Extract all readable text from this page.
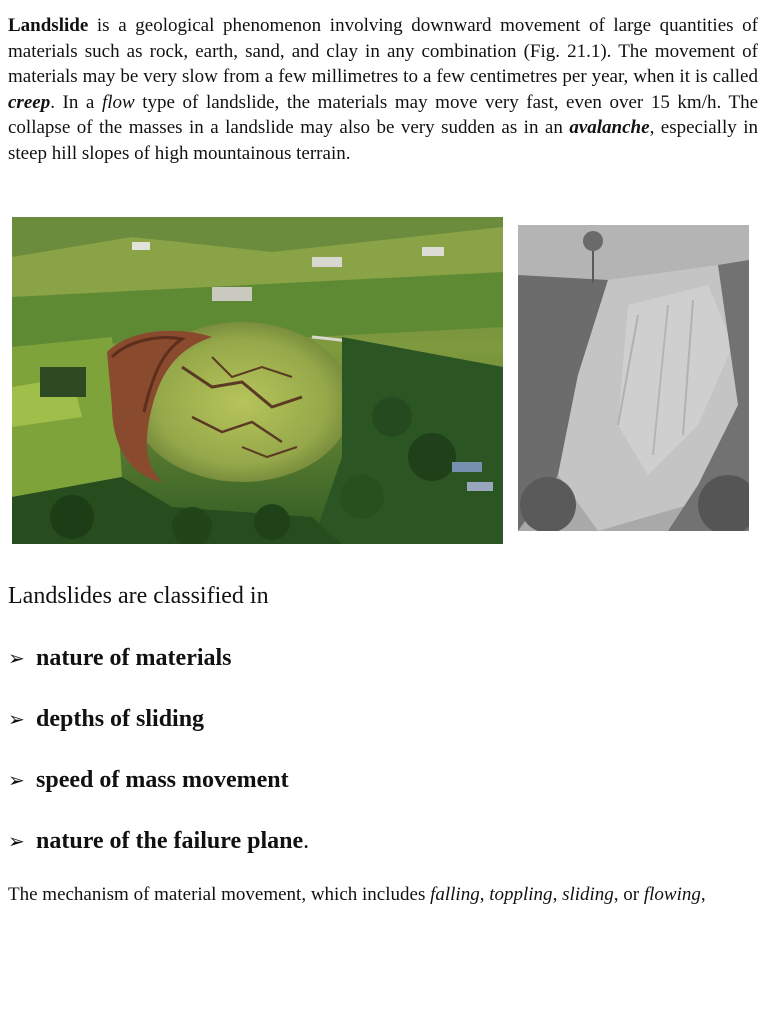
Landslide is a geological phenomenon involving downward movement of large quantities of materials such as rock, earth, sand, and clay in any combination (Fig. 21.1). The movement of materials may be very slow from a few millimetres to a few centimetres per year, when it is called creep. In a flow type of landslide, the materials may move very fast, even over 15 km/h. The collapse of the masses in a landslide may also be very sudden as in an avalanche, especially in steep hill slopes of high mountainous terrain.
Landslides are classified in
➢ nature of materials
➢ depths of sliding
➢ speed of mass movement
➢ nature of the failure plane.
The mechanism of material movement, which includes falling, toppling, sliding, or flowing,
